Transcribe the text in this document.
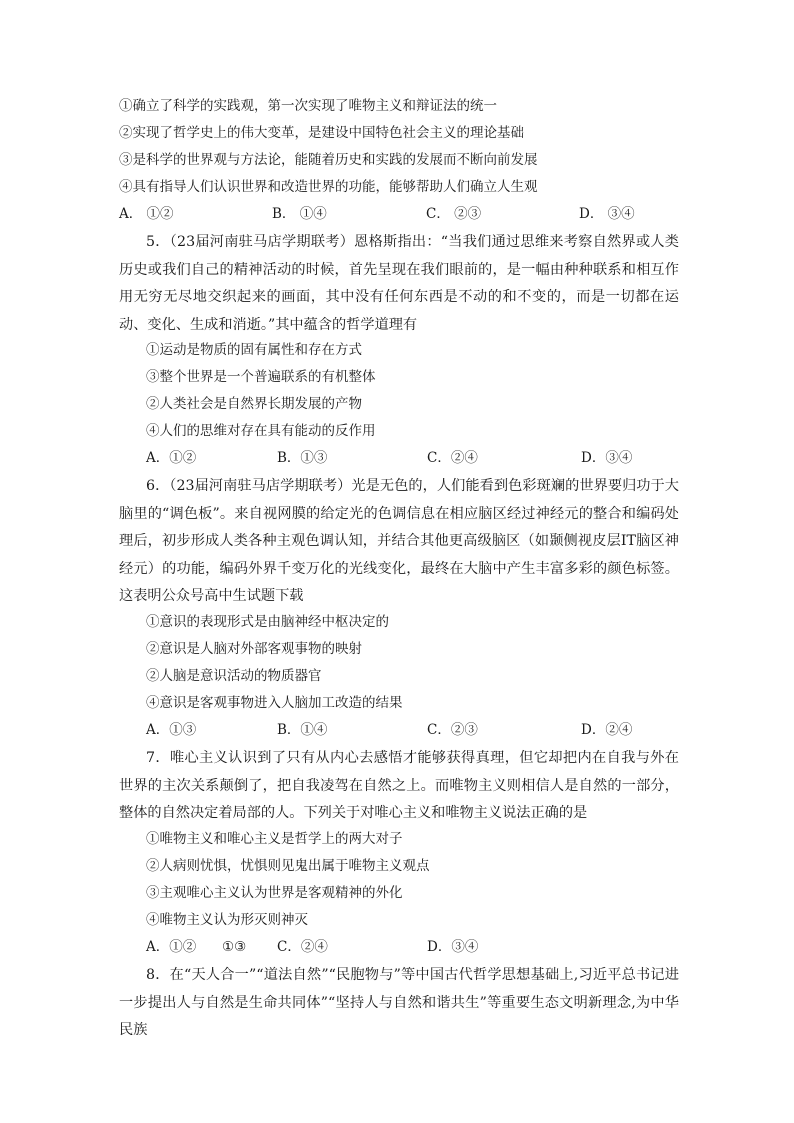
①确立了科学的实践观，第一次实现了唯物主义和辩证法的统一
②实现了哲学史上的伟大变革，是建设中国特色社会主义的理论基础
③是科学的世界观与方法论，能随着历史和实践的发展而不断向前发展
④具有指导人们认识世界和改造世界的功能，能够帮助人们确立人生观
A． ①②	B． ①④	C． ②③	D． ③④
5．（23届河南驻马店学期联考）恩格斯指出：“当我们通过思维来考察自然界或人类历史或我们自己的精神活动的时候，首先呈现在我们眼前的，是一幅由种种联系和相互作用无穷无尽地交织起来的画面，其中没有任何东西是不动的和不变的，而是一切都在运动、变化、生成和消逝。”其中蕴含的哲学道理有
①运动是物质的固有属性和存在方式
③整个世界是一个普遍联系的有机整体
②人类社会是自然界长期发展的产物
④人们的思维对存在具有能动的反作用
A．①②	B．①③	C．②④	D．③④
6．（23届河南驻马店学期联考）光是无色的，人们能看到色彩斑斓的世界要归功于大脑里的“调色板”。来自视网膜的给定光的色调信息在相应脑区经过神经元的整合和编码处理后，初步形成人类各种主观色调认知，并结合其他更高级脑区（如颞侧视皮层IT脑区神经元）的功能，编码外界千变万化的光线变化，最终在大脑中产生丰富多彩的颜色标签。这表明公众号高中生试题下载
①意识的表现形式是由脑神经中枢决定的
②意识是人脑对外部客观事物的映射
②人脑是意识活动的物质器官
④意识是客观事物进入人脑加工改造的结果
A．①③	B．①④	C．②③	D．②④
7．唯心主义认识到了只有从内心去感悟才能够获得真理，但它却把内在自我与外在世界的主次关系颠倒了，把自我凌驾在自然之上。而唯物主义则相信人是自然的一部分，整体的自然决定着局部的人。下列关于对唯心主义和唯物主义说法正确的是
①唯物主义和唯心主义是哲学上的两大对子
②人病则忧惧，忧惧则见鬼出属于唯物主义观点
③主观唯心主义认为世界是客观精神的外化
④唯物主义认为形灭则神灭
A．①② ①③ C．②④	D．③④
8．在“天人合一”“道法自然”“民胞物与”等中国古代哲学思想基础上,习近平总书记进一步提出人与自然是生命共同体”“坚持人与自然和谐共生”等重要生态文明新理念,为中华民族
